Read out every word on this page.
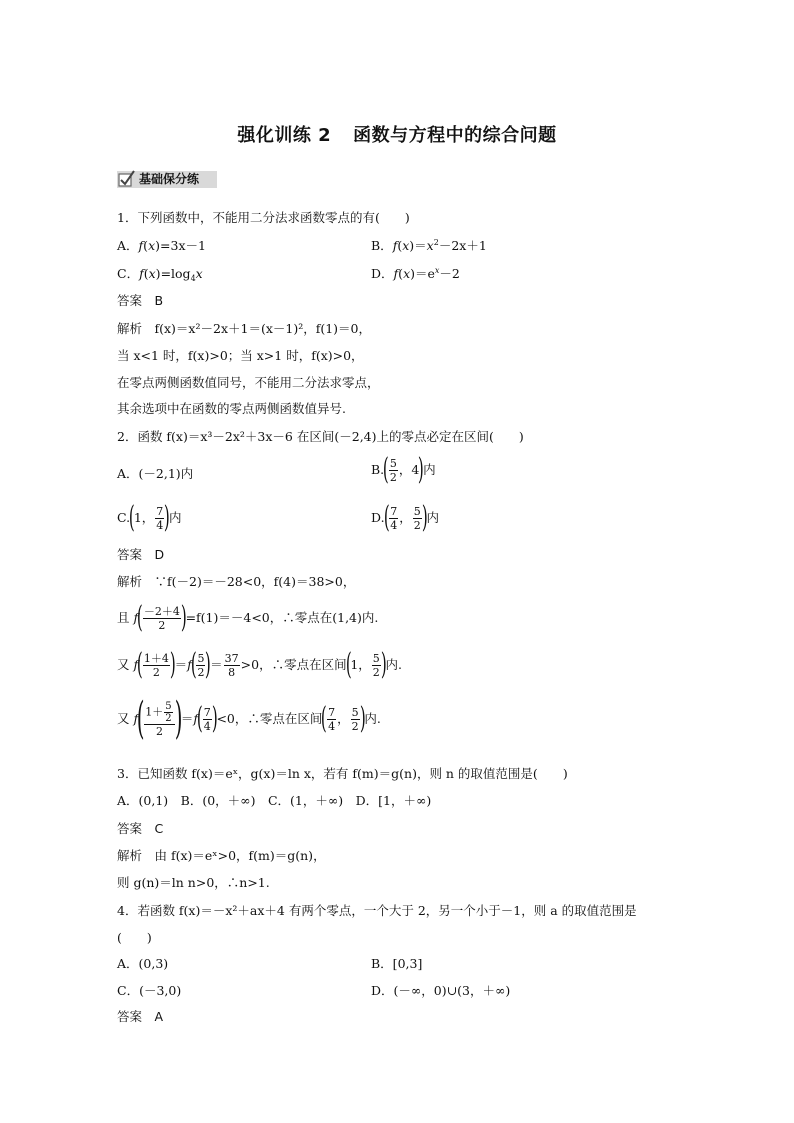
强化训练 2 函数与方程中的综合问题
基础保分练
1．下列函数中，不能用二分法求函数零点的有(　　)
A．f(x)=3x－1	B．$f(x)=x^2-2x+1$
C．$f(x)=\log_4x$	D．$f(x)=e^x-2$
答案　B
解析　f(x)＝x²－2x＋1＝(x－1)²，f(1)＝0，
当 x<1 时，f(x)>0；当 x>1 时，f(x)>0，
在零点两侧函数值同号，不能用二分法求零点，
其余选项中在函数的零点两侧函数值异号.
2．函数 f(x)＝x³－2x²＋3x－6 在区间(－2,4)上的零点必定在区间(　　)
A．(－2,1)内	B.
( $\frac{5}{2}$ ，4
)
内
C.
(
1， $\frac{7}{4}$ )
内	D.
( $\frac{7}{4}$ ， $\frac{5}{2}$ )
内
答案　D
解析　∵f(－2)＝－28<0，f(4)＝38>0，
且 f
( $\frac{-2+4}{2}$ )
=f(1)＝－4<0，∴零点在(1,4)内.
又 f
( $\frac{1+4}{2}$ )
＝f
( $\frac{5}{2}$ )
＝ $\frac{37}{8} >0$，∴零点在区间
(
1， $\frac{5}{2}$ )
内.
又 f
( $\frac{1+ \frac{5}{2}}{2}$ )
＝f
( $\frac{7}{4}$ )
<0，∴零点在区间
( $\frac{7}{4}$ ， $\frac{5}{2}$ )
内.
3．已知函数 f(x)＝eˣ，g(x)＝ln x，若有 f(m)＝g(n)，则 n 的取值范围是(　　)
A．(0,1)　B．(0，＋∞)　C．(1，＋∞)　D．[1，＋∞)
答案　C
解析　由 f(x)＝eˣ>0，f(m)＝g(n)，
则 g(n)＝ln n>0，∴n>1.
4．若函数 f(x)＝－x²＋ax＋4 有两个零点，一个大于 2，另一个小于－1，则 a 的取值范围是
(　　)
A．(0,3)	B．[0,3]
C．(－3,0)	D．(－∞，0)∪(3，＋∞)
答案　A
